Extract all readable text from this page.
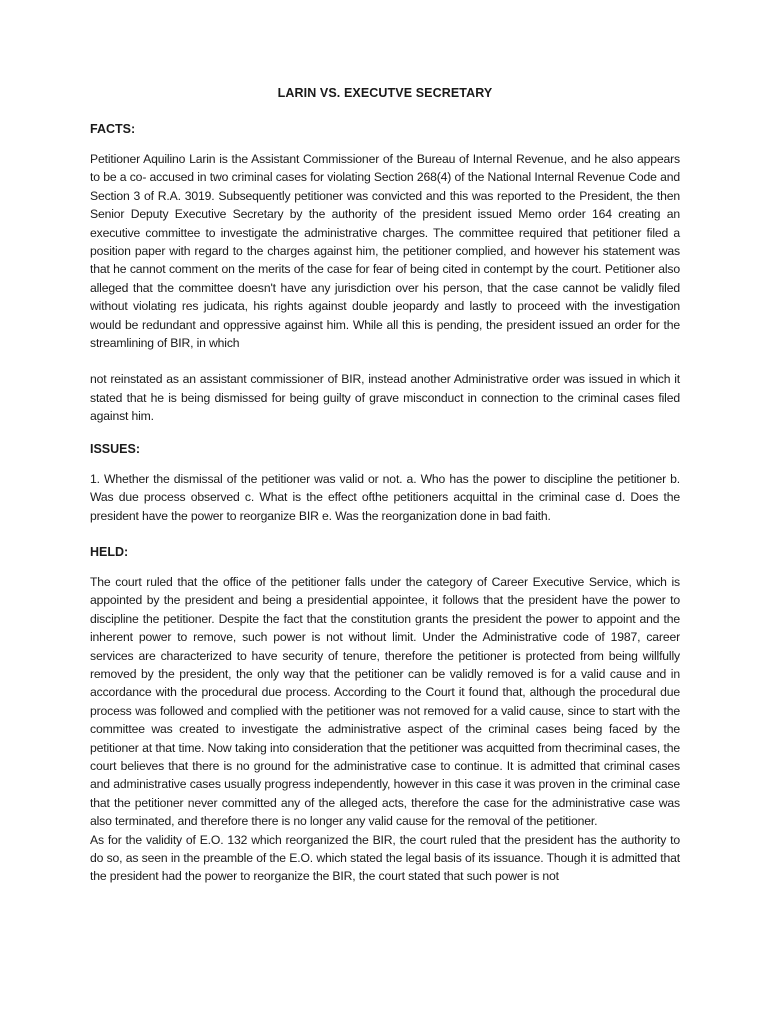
LARIN VS. EXECUTVE SECRETARY
FACTS:
Petitioner Aquilino Larin is the Assistant Commissioner of the Bureau of Internal Revenue, and he also appears to be a co- accused in two criminal cases for violating Section 268(4) of the National Internal Revenue Code and Section 3 of R.A. 3019. Subsequently petitioner was convicted and this was reported to the President, the then Senior Deputy Executive Secretary by the authority of the president issued Memo order 164 creating an executive committee to investigate the administrative charges. The committee required that petitioner filed a position paper with regard to the charges against him, the petitioner complied, and however his statement was that he cannot comment on the merits of the case for fear of being cited in contempt by the court. Petitioner also alleged that the committee doesn't have any jurisdiction over his person, that the case cannot be validly filed without violating res judicata, his rights against double jeopardy and lastly to proceed with the investigation would be redundant and oppressive against him. While all this is pending, the president issued an order for the streamlining of BIR, in which
not reinstated as an assistant commissioner of BIR, instead another Administrative order was issued in which it stated that he is being dismissed for being guilty of grave misconduct in connection to the criminal cases filed against him.
ISSUES:
1. Whether the dismissal of the petitioner was valid or not. a. Who has the power to discipline the petitioner b. Was due process observed c. What is the effect ofthe petitioners acquittal in the criminal case d. Does the president have the power to reorganize BIR e. Was the reorganization done in bad faith.
HELD:
The court ruled that the office of the petitioner falls under the category of Career Executive Service, which is appointed by the president and being a presidential appointee, it follows that the president have the power to discipline the petitioner. Despite the fact that the constitution grants the president the power to appoint and the inherent power to remove, such power is not without limit. Under the Administrative code of 1987, career services are characterized to have security of tenure, therefore the petitioner is protected from being willfully removed by the president, the only way that the petitioner can be validly removed is for a valid cause and in accordance with the procedural due process. According to the Court it found that, although the procedural due process was followed and complied with the petitioner was not removed for a valid cause, since to start with the committee was created to investigate the administrative aspect of the criminal cases being faced by the petitioner at that time. Now taking into consideration that the petitioner was acquitted from thecriminal cases, the court believes that there is no ground for the administrative case to continue. It is admitted that criminal cases and administrative cases usually progress independently, however in this case it was proven in the criminal case that the petitioner never committed any of the alleged acts, therefore the case for the administrative case was also terminated, and therefore there is no longer any valid cause for the removal of the petitioner.
As for the validity of E.O. 132 which reorganized the BIR, the court ruled that the president has the authority to do so, as seen in the preamble of the E.O. which stated the legal basis of its issuance. Though it is admitted that the president had the power to reorganize the BIR, the court stated that such power is not
